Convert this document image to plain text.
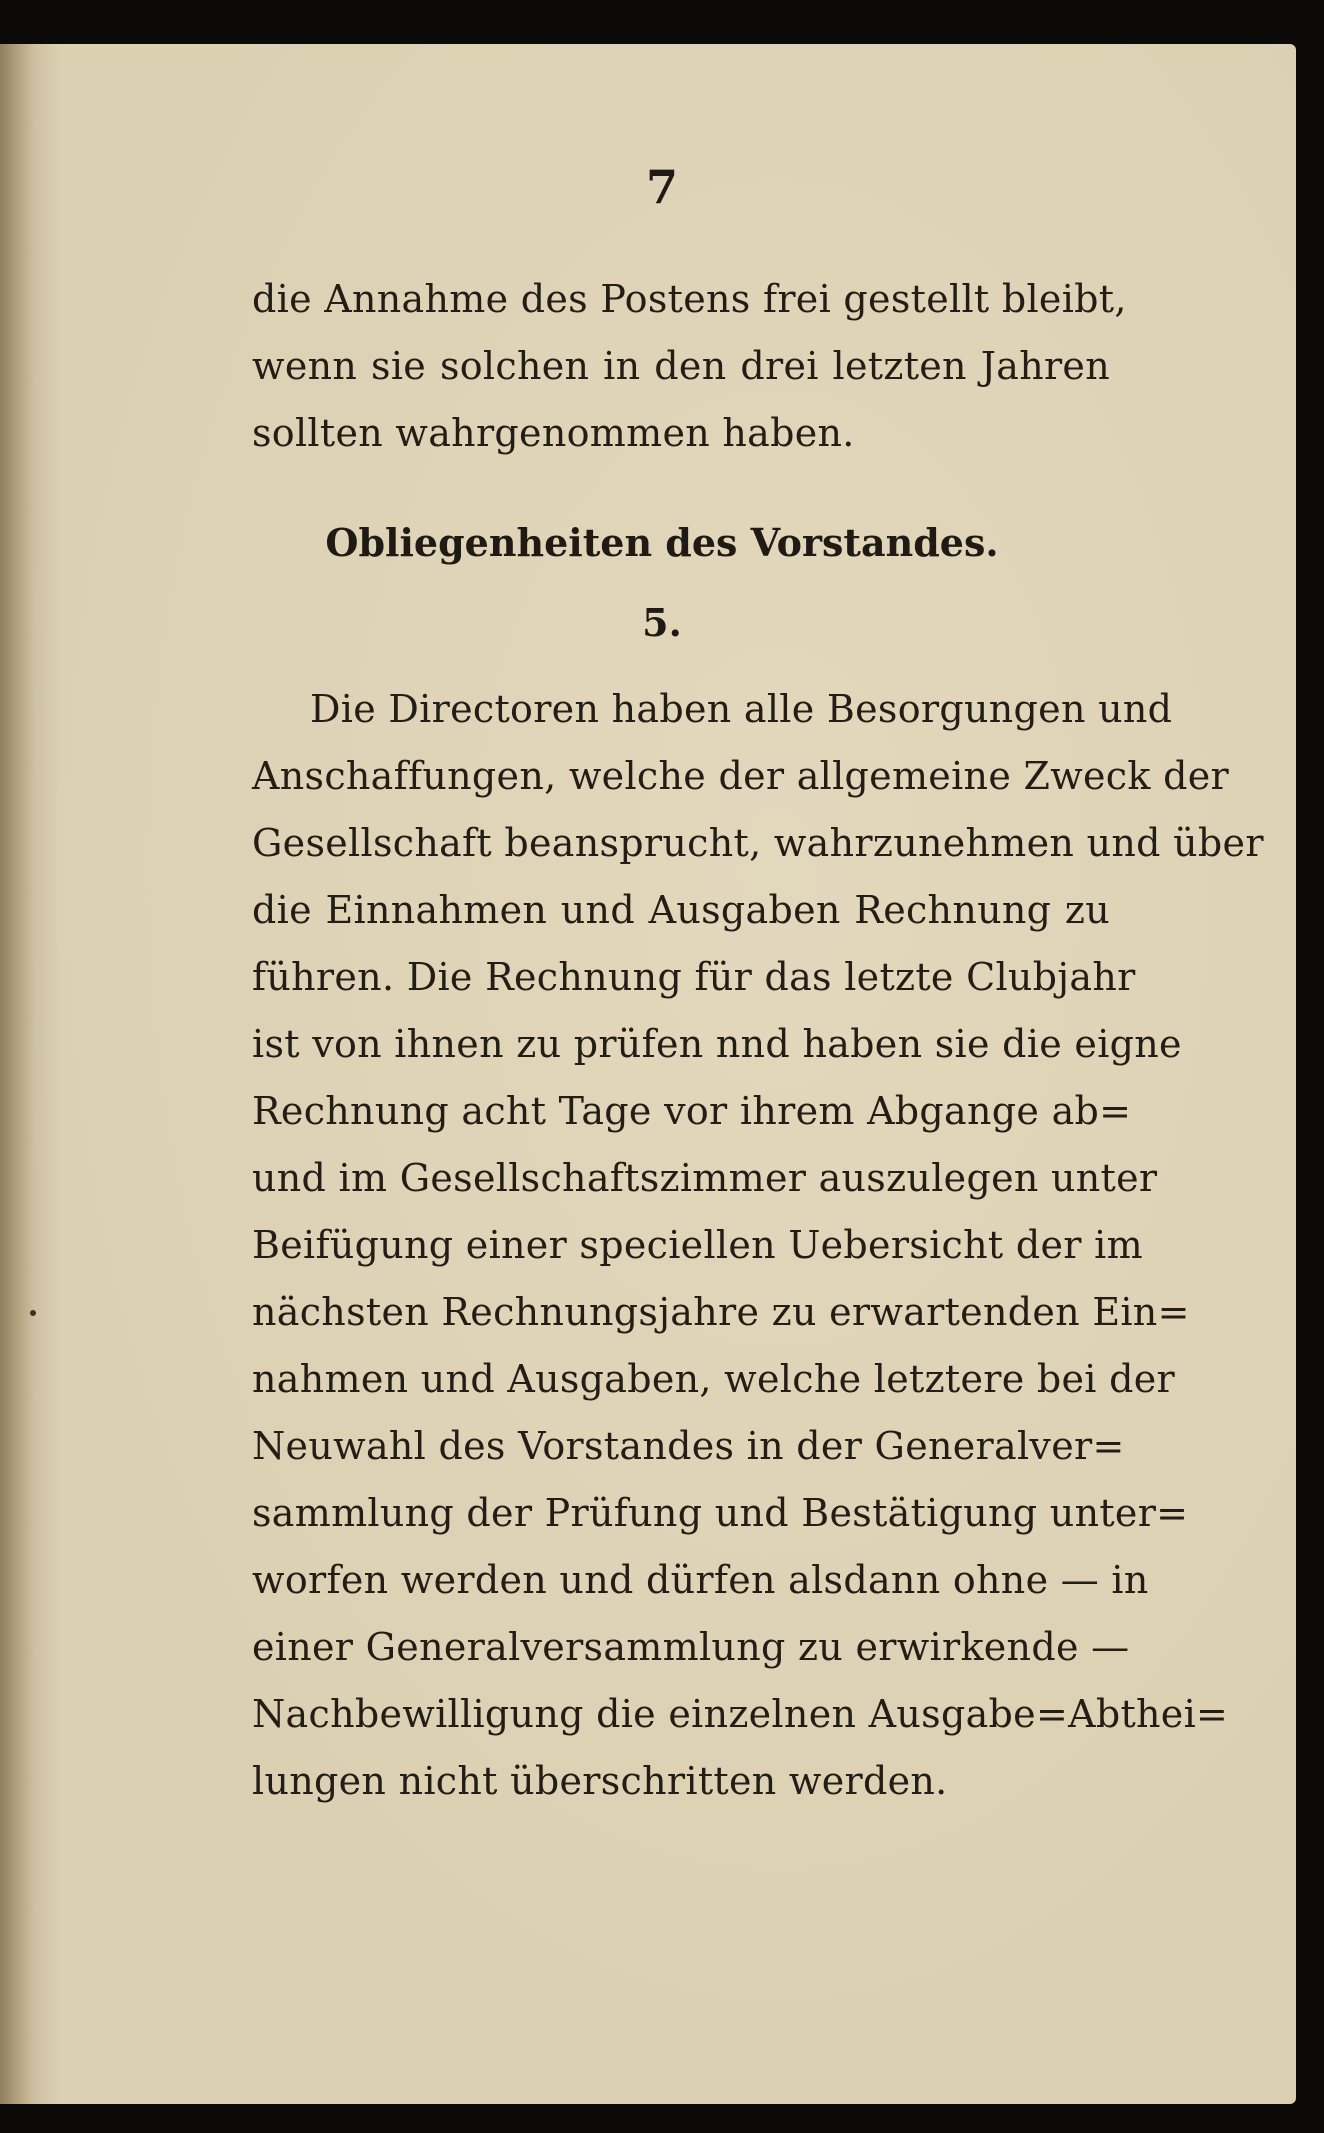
7
die Annahme des Postens frei gestellt bleibt,
wenn sie solchen in den drei letzten Jahren
sollten wahrgenommen haben.
Obliegenheiten des Vorstandes.
5.
Die Directoren haben alle Besorgungen und
Anschaffungen, welche der allgemeine Zweck der
Gesellschaft beansprucht, wahrzunehmen und über
die Einnahmen und Ausgaben Rechnung zu
führen. Die Rechnung für das letzte Clubjahr
ist von ihnen zu prüfen nnd haben sie die eigne
Rechnung acht Tage vor ihrem Abgange ab=
und im Gesellschaftszimmer auszulegen unter
Beifügung einer speciellen Uebersicht der im
nächsten Rechnungsjahre zu erwartenden Ein=
nahmen und Ausgaben, welche letztere bei der
Neuwahl des Vorstandes in der Generalver=
sammlung der Prüfung und Bestätigung unter=
worfen werden und dürfen alsdann ohne — in
einer Generalversammlung zu erwirkende —
Nachbewilligung die einzelnen Ausgabe=Abthei=
lungen nicht überschritten werden.
